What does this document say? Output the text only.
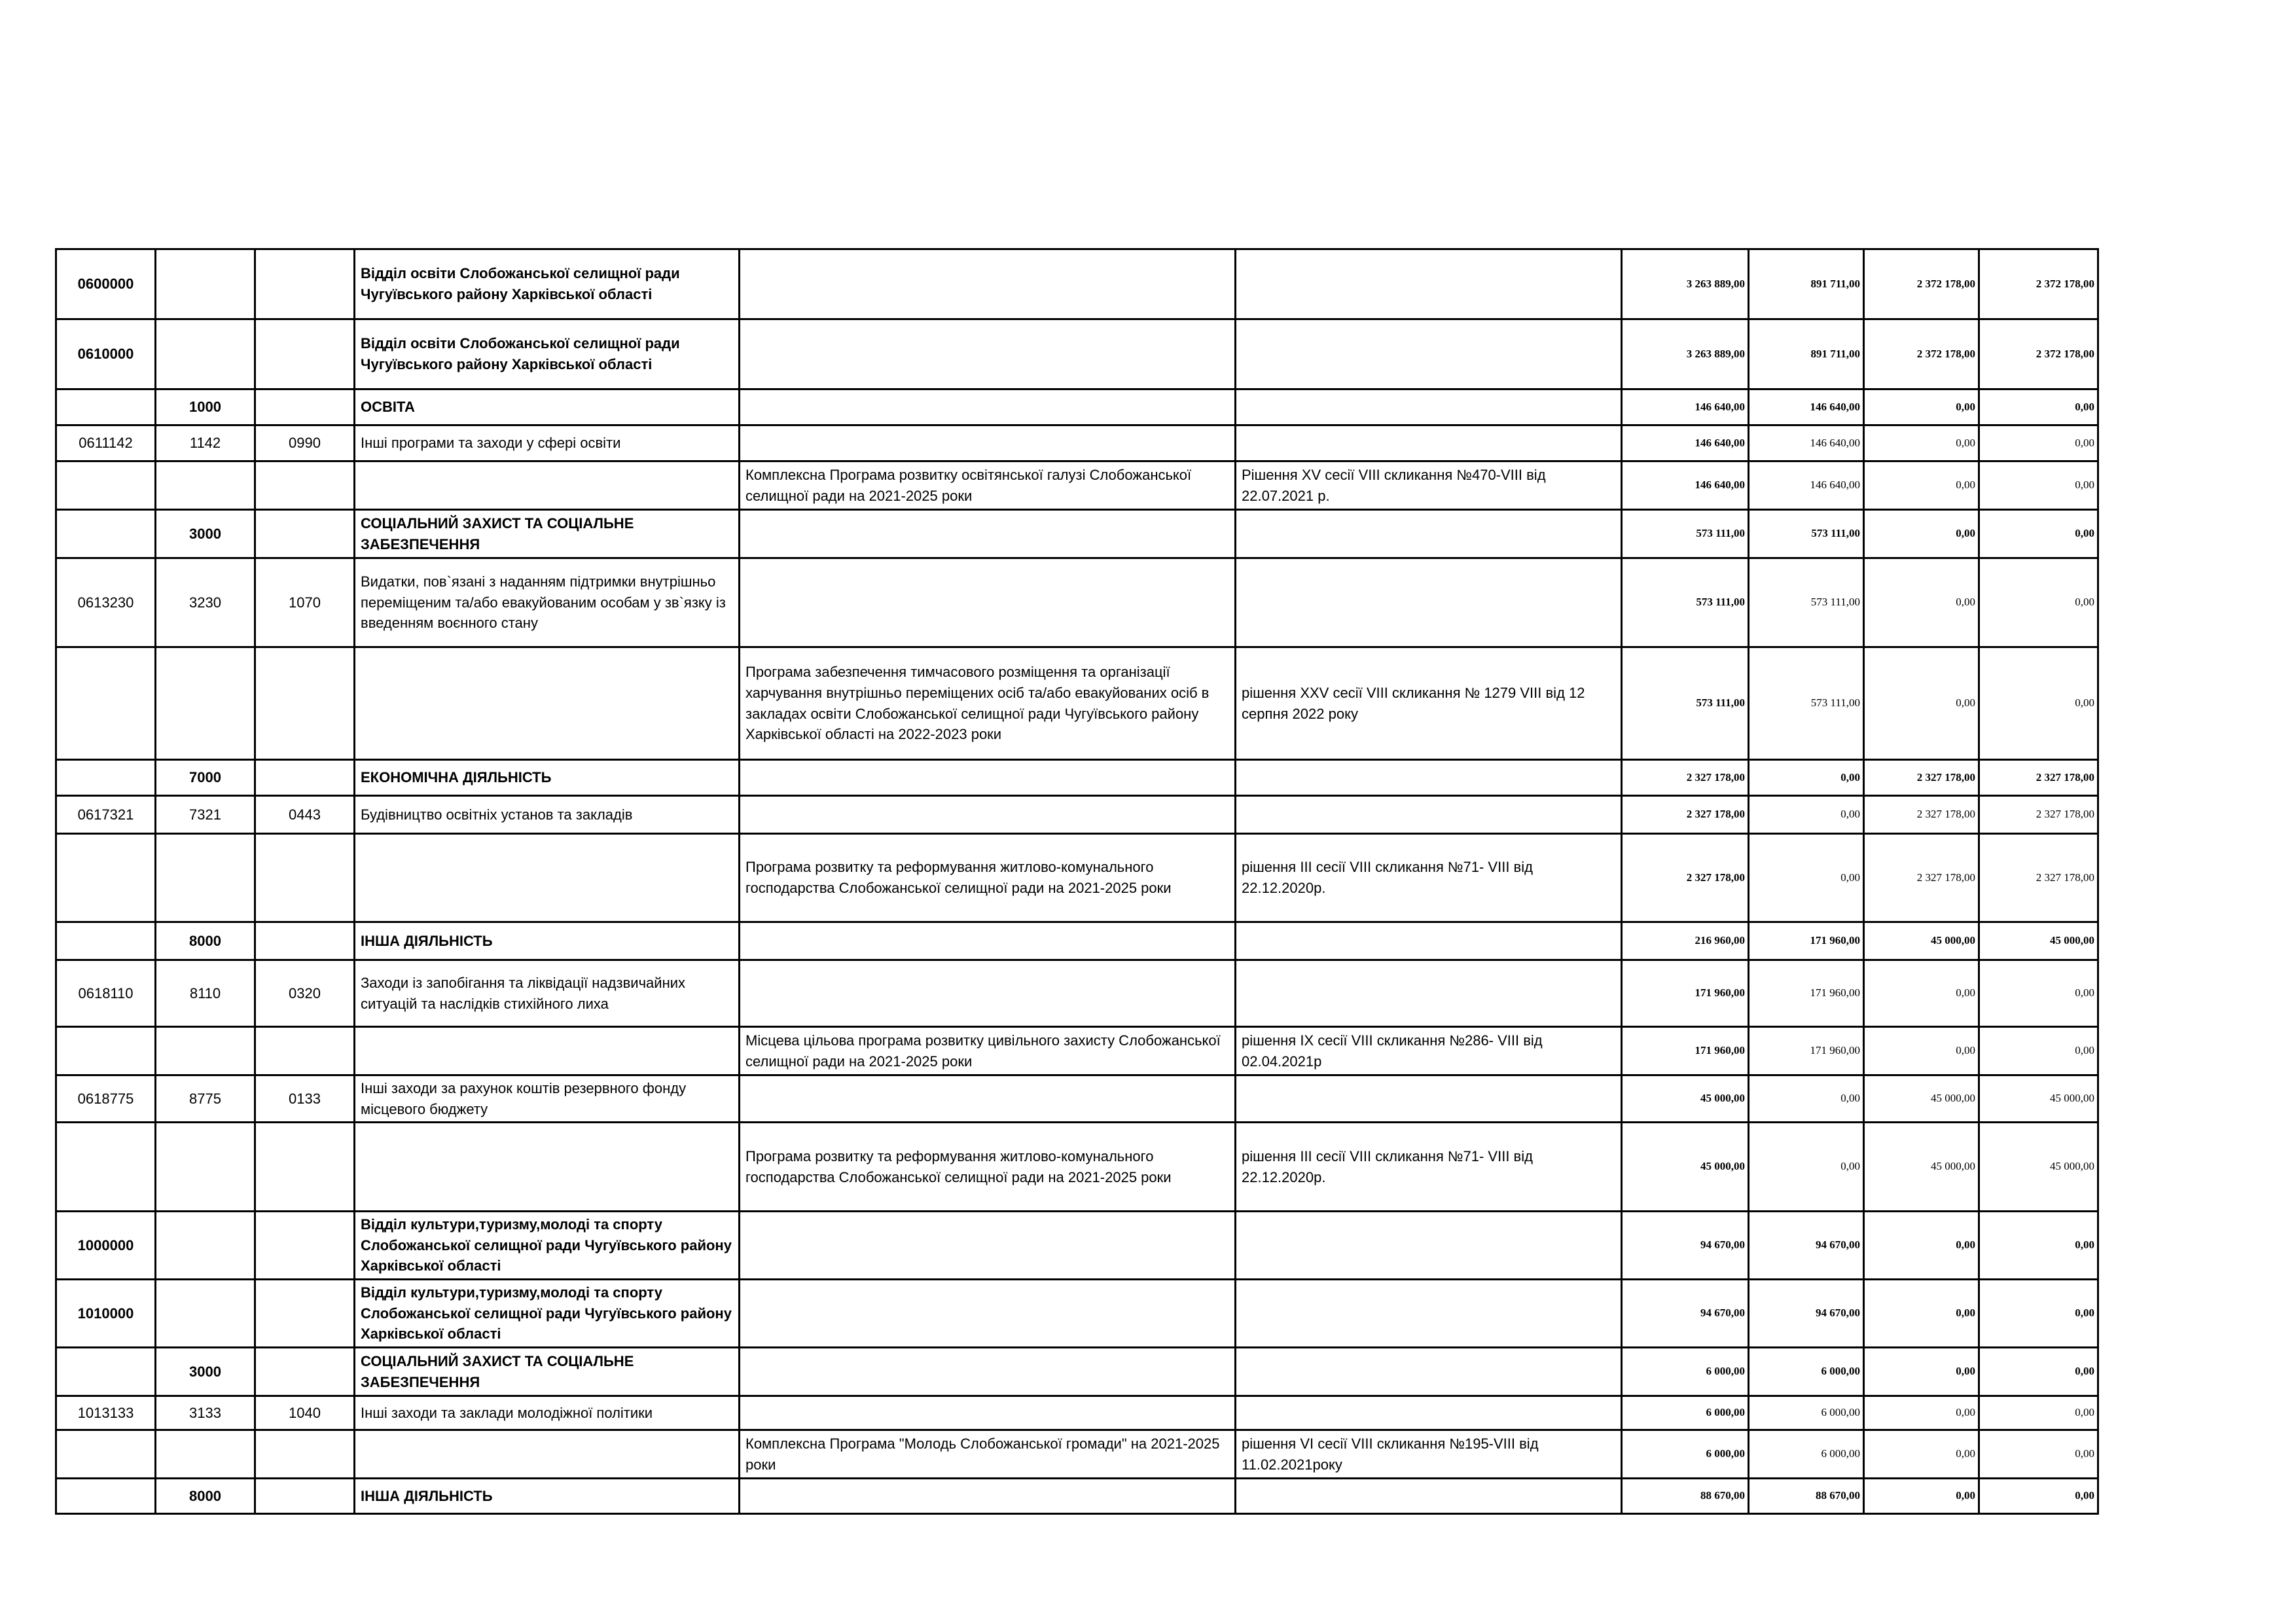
0600000			Відділ освіти Слобожанської селищної ради Чугуївського району Харківської області			3 263 889,00	891 711,00	2 372 178,00	2 372 178,00
0610000			Відділ освіти Слобожанської селищної ради Чугуївського району Харківської області			3 263 889,00	891 711,00	2 372 178,00	2 372 178,00
	1000		ОСВІТА			146 640,00	146 640,00	0,00	0,00
0611142	1142	0990	Інші програми та заходи у сфері освіти			146 640,00	146 640,00	0,00	0,00
				Комплексна Програма розвитку освітянської галузі Слобожанської селищної ради на 2021-2025 роки	Рішення XV сесії VIII скликання №470-VIII від 22.07.2021 р.	146 640,00	146 640,00	0,00	0,00
	3000		СОЦІАЛЬНИЙ ЗАХИСТ ТА СОЦІАЛЬНЕ ЗАБЕЗПЕЧЕННЯ			573 111,00	573 111,00	0,00	0,00
0613230	3230	1070	Видатки, пов`язані з наданням підтримки внутрішньо переміщеним та/або евакуйованим особам у зв`язку із введенням воєнного стану			573 111,00	573 111,00	0,00	0,00
				Програма забезпечення тимчасового розміщення та організації харчування внутрішньо переміщених осіб та/або евакуйованих осіб в закладах освіти Слобожанської селищної ради Чугуївського району Харківської області на 2022-2023 роки	рішення XXV сесії VIII скликання № 1279 VIII від 12 серпня 2022 року	573 111,00	573 111,00	0,00	0,00
	7000		ЕКОНОМІЧНА ДІЯЛЬНІСТЬ			2 327 178,00	0,00	2 327 178,00	2 327 178,00
0617321	7321	0443	Будівництво освітніх установ та закладів			2 327 178,00	0,00	2 327 178,00	2 327 178,00
				Програма розвитку та реформування житлово-комунального господарства Слобожанської селищної ради на 2021-2025 роки	рішення III сесії VIII скликання №71- VIII від 22.12.2020р.	2 327 178,00	0,00	2 327 178,00	2 327 178,00
	8000		ІНША ДІЯЛЬНІСТЬ			216 960,00	171 960,00	45 000,00	45 000,00
0618110	8110	0320	Заходи із запобігання та ліквідації надзвичайних ситуацій та наслідків стихійного лиха			171 960,00	171 960,00	0,00	0,00
				Місцева цільова програма розвитку цивільного захисту Слобожанської селищної ради на 2021-2025 роки	рішення IX сесії VIII скликання №286- VIII від 02.04.2021р	171 960,00	171 960,00	0,00	0,00
0618775	8775	0133	Інші заходи за рахунок коштів резервного фонду місцевого бюджету			45 000,00	0,00	45 000,00	45 000,00
				Програма розвитку та реформування житлово-комунального господарства Слобожанської селищної ради на 2021-2025 роки	рішення III сесії VIII скликання №71- VIII від 22.12.2020р.	45 000,00	0,00	45 000,00	45 000,00
1000000			Відділ культури,туризму,молоді та спорту Слобожанської селищної ради Чугуївського району Харківської області			94 670,00	94 670,00	0,00	0,00
1010000			Відділ культури,туризму,молоді та спорту Слобожанської селищної ради Чугуївського району Харківської області			94 670,00	94 670,00	0,00	0,00
	3000		СОЦІАЛЬНИЙ ЗАХИСТ ТА СОЦІАЛЬНЕ ЗАБЕЗПЕЧЕННЯ			6 000,00	6 000,00	0,00	0,00
1013133	3133	1040	Інші заходи та заклади молодіжної політики			6 000,00	6 000,00	0,00	0,00
				Комплексна Програма "Молодь Слобожанської громади" на 2021-2025 роки	рішення VI сесії VIII скликання №195-VIII від 11.02.2021року	6 000,00	6 000,00	0,00	0,00
	8000		ІНША ДІЯЛЬНІСТЬ			88 670,00	88 670,00	0,00	0,00
